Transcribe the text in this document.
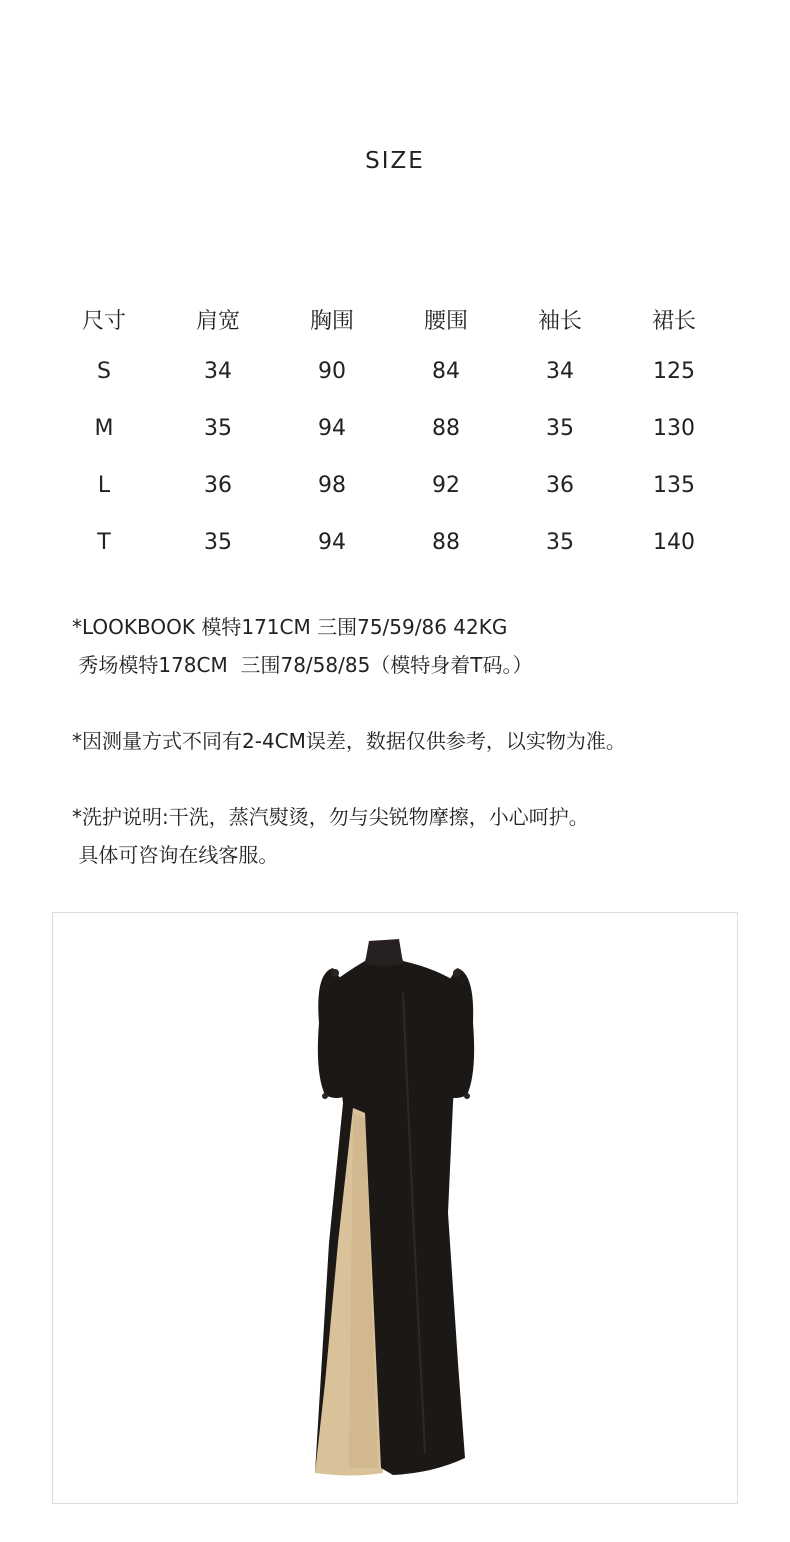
SIZE
尺寸	肩宽	胸围	腰围	袖长	裙长
S	34	90	84	34	125
M	35	94	88	35	130
L	36	98	92	36	135
T	35	94	88	35	140
*LOOKBOOK 模特171CM 三围75/59/86 42KG
秀场模特178CM  三围78/58/85（模特身着T码。）
*因测量方式不同有2-4CM误差，数据仅供参考，以实物为准。
*洗护说明:干洗，蒸汽熨烫，勿与尖锐物摩擦，小心呵护。
具体可咨询在线客服。
